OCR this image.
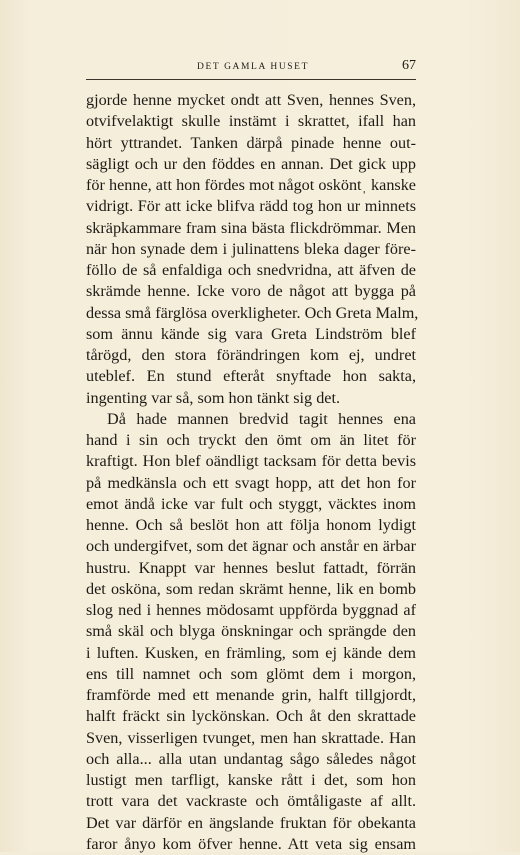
DET GAMLA HUSET	67
gjorde henne mycket ondt att Sven, hennes Sven,
otvifvelaktigt skulle instämt i skrattet, ifall han
hört yttrandet. Tanken därpå pinade henne out-
sägligt och ur den föddes en annan. Det gick upp
för henne, att hon fördes mot något osköntˌ kanske
vidrigt. För att icke blifva rädd tog hon ur minnets
skräpkammare fram sina bästa flickdrömmar. Men
när hon synade dem i julinattens bleka dager före-
föllo de så enfaldiga och snedvridna, att äfven de
skrämde henne. Icke voro de något att bygga på
dessa små färglösa overkligheter. Och Greta Malm,
som ännu kände sig vara Greta Lindström blef
tårögd, den stora förändringen kom ej, undret
uteblef. En stund efteråt snyftade hon sakta,
ingenting var så, som hon tänkt sig det.
Då hade mannen bredvid tagit hennes ena
hand i sin och tryckt den ömt om än litet för
kraftigt. Hon blef oändligt tacksam för detta bevis
på medkänsla och ett svagt hopp, att det hon for
emot ändå icke var fult och styggt, väcktes inom
henne. Och så beslöt hon att följa honom lydigt
och undergifvet, som det ägnar och anstår en ärbar
hustru. Knappt var hennes beslut fattadt, förrän
det osköna, som redan skrämt henne, lik en bomb
slog ned i hennes mödosamt uppförda byggnad af
små skäl och blyga önskningar och sprängde den
i luften. Kusken, en främling, som ej kände dem
ens till namnet och som glömt dem i morgon,
framförde med ett menande grin, halft tillgjordt,
halft fräckt sin lyckönskan. Och åt den skrattade
Sven, visserligen tvunget, men han skrattade. Han
och alla... alla utan undantag sågo således något
lustigt men tarfligt, kanske rått i det, som hon
trott vara det vackraste och ömtåligaste af allt.
Det var därför en ängslande fruktan för obekanta
faror ånyo kom öfver henne. Att veta sig ensam
